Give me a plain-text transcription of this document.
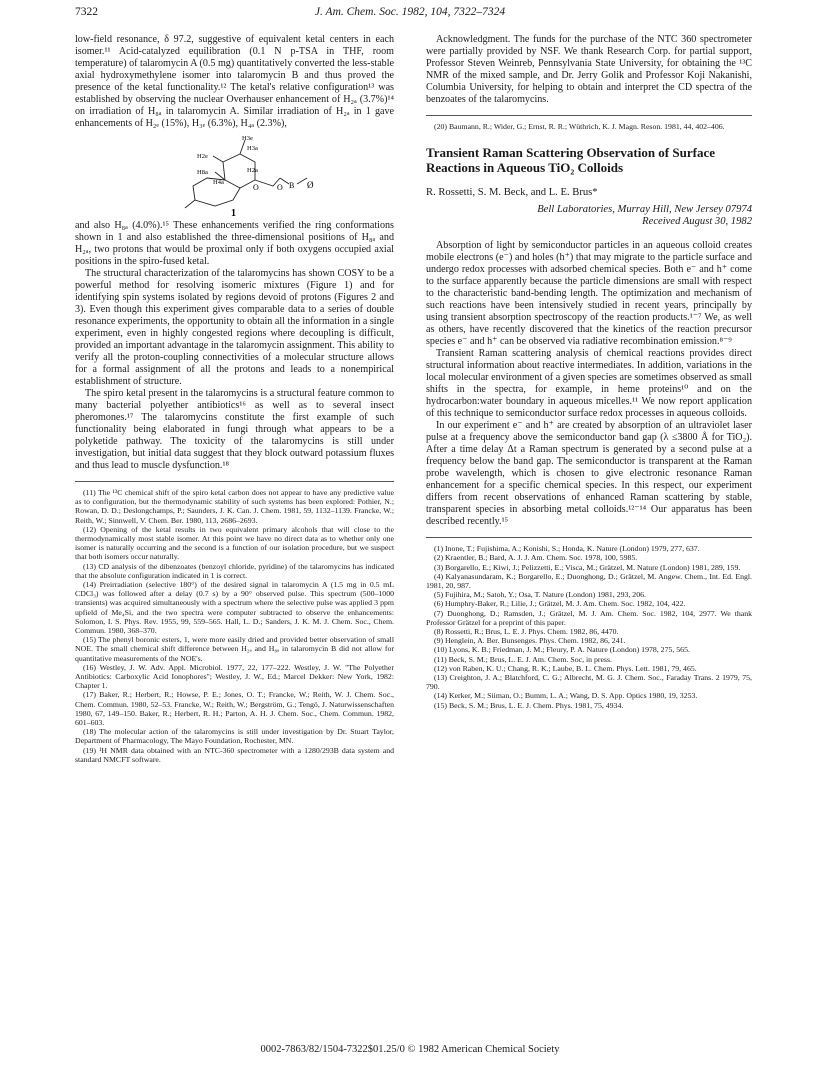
7322	J. Am. Chem. Soc. 1982, 104, 7322–7324

low-field resonance, δ 97.2, suggestive of equivalent ketal centers in each isomer.¹¹ Acid-catalyzed equilibration (0.1 N p-TSA in THF, room temperature) of talaromycin A (0.5 mg) quantitatively converted the less-stable axial hydroxymethylene isomer into talaromycin B and thus proved the presence of the ketal functionality.¹² The ketal's relative configuration¹³ was established by observing the nuclear Overhauser enhancement of H₂ₐ (3.7%)¹⁴ on irradiation of H₈ₐ in talaromycin A. Similar irradiation of H₂ₐ in 1 gave enhancements of H₂ₑ (15%), H₃ₑ (6.3%), H₄ₐ (2.3%),

H3e
H2e
H3a
H8a
H4a
H2a
O O B Ø
1

and also H₈ₐ (4.0%).¹⁵ These enhancements verified the ring conformations shown in 1 and also established the three-dimensional positions of H₈ₐ and H₂ₐ, two protons that would be proximal only if both oxygens occupied axial positions in the spiro-fused ketal.

The structural characterization of the talaromycins has shown COSY to be a powerful method for resolving isomeric mixtures (Figure 1) and for identifying spin systems isolated by regions devoid of protons (Figures 2 and 3). Even though this experiment gives comparable data to a series of double resonance experiments, the opportunity to obtain all the information in a single experiment, even in highly congested regions where decoupling is difficult, provided an important advantage in the talaromycin assignment. This ability to verify all the proton-coupling connectivities of a molecular structure allows for a formal assignment of all the protons and leads to a nonempirical establishment of structure.

The spiro ketal present in the talaromycins is a structural feature common to many bacterial polyether antibiotics¹⁶ as well as to several insect pheromones.¹⁷ The talaromycins constitute the first example of such functionality being elaborated in fungi through what appears to be a polyketide pathway. The toxicity of the talaromycins is still under investigation, but initial data suggest that they block outward potassium fluxes and thus lead to muscle dysfunction.¹⁸

(11) The ¹³C chemical shift of the spiro ketal carbon does not appear to have any predictive value as to configuration, but the thermodynamic stability of such systems has been explored: Pothier, N.; Rowan, D. D.; Deslongchamps, P.; Saunders, J. K. Can. J. Chem. 1981, 59, 1132–1139. Francke, W.; Reith, W.; Sinnwell, V. Chem. Ber. 1980, 113, 2686–2693.
(12) Opening of the ketal results in two equivalent primary alcohols that will close to the thermodynamically most stable isomer. At this point we have no direct data as to whether only one isomer is naturally occurring and the second is a function of our isolation procedure, but we suspect that both isomers occur naturally.
(13) CD analysis of the dibenzoates (benzoyl chloride, pyridine) of the talaromycins has indicated that the absolute configuration indicated in 1 is correct.
(14) Preirradiation (selective 180°) of the desired signal in talaromycin A (1.5 mg in 0.5 mL CDCl₃) was followed after a delay (0.7 s) by a 90° observed pulse. This spectrum (500–1000 transients) was acquired simultaneously with a spectrum where the selective pulse was applied 3 ppm upfield of Me₄Si, and the two spectra were computer subtracted to observe the enhancements: Solomon, I. S. Phys. Rev. 1955, 99, 559–565. Hall, L. D.; Sanders, J. K. M. J. Chem. Soc., Chem. Commun. 1980, 368–370.
(15) The phenyl boronic esters, 1, were more easily dried and provided better observation of small NOE. The small chemical shift difference between H₂ₐ and H₈ₐ in talaromycin B did not allow for quantitative measurements of the NOE's.
(16) Westley, J. W. Adv. Appl. Microbiol. 1977, 22, 177–222. Westley, J. W. "The Polyether Antibiotics: Carboxylic Acid Ionophores"; Westley, J. W., Ed.; Marcel Dekker: New York, 1982: Chapter 1.
(17) Baker, R.; Herbert, R.; Howse, P. E.; Jones, O. T.; Francke, W.; Reith, W. J. Chem. Soc., Chem. Commun. 1980, 52–53. Francke, W.; Reith, W.; Bergström, G.; Tengö, J. Naturwissenschaften 1980, 67, 149–150. Baker, R.; Herbert, R. H.; Parton, A. H. J. Chem. Soc., Chem. Commun. 1982, 601–603.
(18) The molecular action of the talaromycins is still under investigation by Dr. Stuart Taylor, Department of Pharmacology, The Mayo Foundation, Rochester, MN.
(19) ¹H NMR data obtained with an NTC-360 spectrometer with a 1280/293B data system and standard NMCFT software.

Acknowledgment. The funds for the purchase of the NTC 360 spectrometer were partially provided by NSF. We thank Research Corp. for partial support, Professor Steven Weinreb, Pennsylvania State University, for obtaining the ¹³C NMR of the mixed sample, and Dr. Jerry Golik and Professor Koji Nakanishi, Columbia University, for helping to obtain and interpret the CD spectra of the benzoates of the talaromycins.

(20) Baumann, R.; Wider, G.; Ernst, R. R.; Wüthrich, K. J. Magn. Reson. 1981, 44, 402–406.
Transient Raman Scattering Observation of Surface Reactions in Aqueous TiO₂ Colloids
R. Rossetti, S. M. Beck, and L. E. Brus*
Bell Laboratories, Murray Hill, New Jersey 07974
Received August 30, 1982

Absorption of light by semiconductor particles in an aqueous colloid creates mobile electrons (e⁻) and holes (h⁺) that may migrate to the particle surface and undergo redox processes with adsorbed chemical species. Both e⁻ and h⁺ come to the surface apparently because the particle dimensions are small with respect to the characteristic band-bending length. The optimization and mechanism of such reactions have been intensively studied in recent years, principally by using transient absorption spectroscopy of the reaction products.¹⁻⁷ We, as well as others, have recently discovered that the kinetics of the reaction precursor species e⁻ and h⁺ can be observed via radiative recombination emission.⁸⁻⁹

Transient Raman scattering analysis of chemical reactions provides direct structural information about reactive intermediates. In addition, variations in the local molecular environment of a given species are sometimes observed as small shifts in the spectra, for example, in heme proteins¹⁰ and on the hydrocarbon:water boundary in aqueous micelles.¹¹ We now report application of this technique to semiconductor surface redox processes in aqueous colloids.

In our experiment e⁻ and h⁺ are created by absorption of an ultraviolet laser pulse at a frequency above the semiconductor band gap (λ ≤3800 Å for TiO₂). After a time delay Δt a Raman spectrum is generated by a second pulse at a frequency below the band gap. The semiconductor is transparent at the Raman probe wavelength, which is chosen to give electronic resonance Raman enhancement for a specific chemical species. In this respect, our experiment differs from recent observations of enhanced Raman scattering by stable, transparent species in absorbing metal colloids.¹²⁻¹⁴ Our apparatus has been described recently.¹⁵

(1) Inone, T.; Fujishima, A.; Konishi, S.; Honda, K. Nature (London) 1979, 277, 637.
(2) Kraentler, B.; Bard, A. J. J. Am. Chem. Soc. 1978, 100, 5985.
(3) Borgarello, E.; Kiwi, J.; Pelizzetti, E.; Visca, M.; Grätzel, M. Nature (London) 1981, 289, 159.
(4) Kalyanasundaram, K.; Borgarello, E.; Duonghong, D.; Grätzel, M. Angew. Chem., Int. Ed. Engl. 1981, 20, 987.
(5) Fujihira, M.; Satoh, Y.; Osa, T. Nature (London) 1981, 293, 206.
(6) Humphry-Baker, R.; Lilie, J.; Grätzel, M. J. Am. Chem. Soc. 1982, 104, 422.
(7) Duonghong, D.; Ramsden, J.; Grätzel, M. J. Am. Chem. Soc. 1982, 104, 2977. We thank Professor Grätzel for a preprint of this paper.
(8) Rossetti, R.; Brus, L. E. J. Phys. Chem. 1982, 86, 4470.
(9) Henglein, A. Ber. Bunsenges. Phys. Chem. 1982, 86, 241.
(10) Lyons, K. B.; Friedman, J. M.; Fleury, P. A. Nature (London) 1978, 275, 565.
(11) Beck, S. M.; Brus, L. E. J. Am. Chem. Soc, in press.
(12) von Raben, K. U.; Chang, R. K.; Laube, B. L. Chem. Phys. Lett. 1981, 79, 465.
(13) Creighton, J. A.; Blatchford, C. G.; Albrecht, M. G. J. Chem. Soc., Faraday Trans. 2 1979, 75, 790.
(14) Kerker, M.; Siiman, O.; Bumm, L. A.; Wang, D. S. App. Optics 1980, 19, 3253.
(15) Beck, S. M.; Brus, L. E. J. Chem. Phys. 1981, 75, 4934.
0002-7863/82/1504-7322$01.25/0 © 1982 American Chemical Society
